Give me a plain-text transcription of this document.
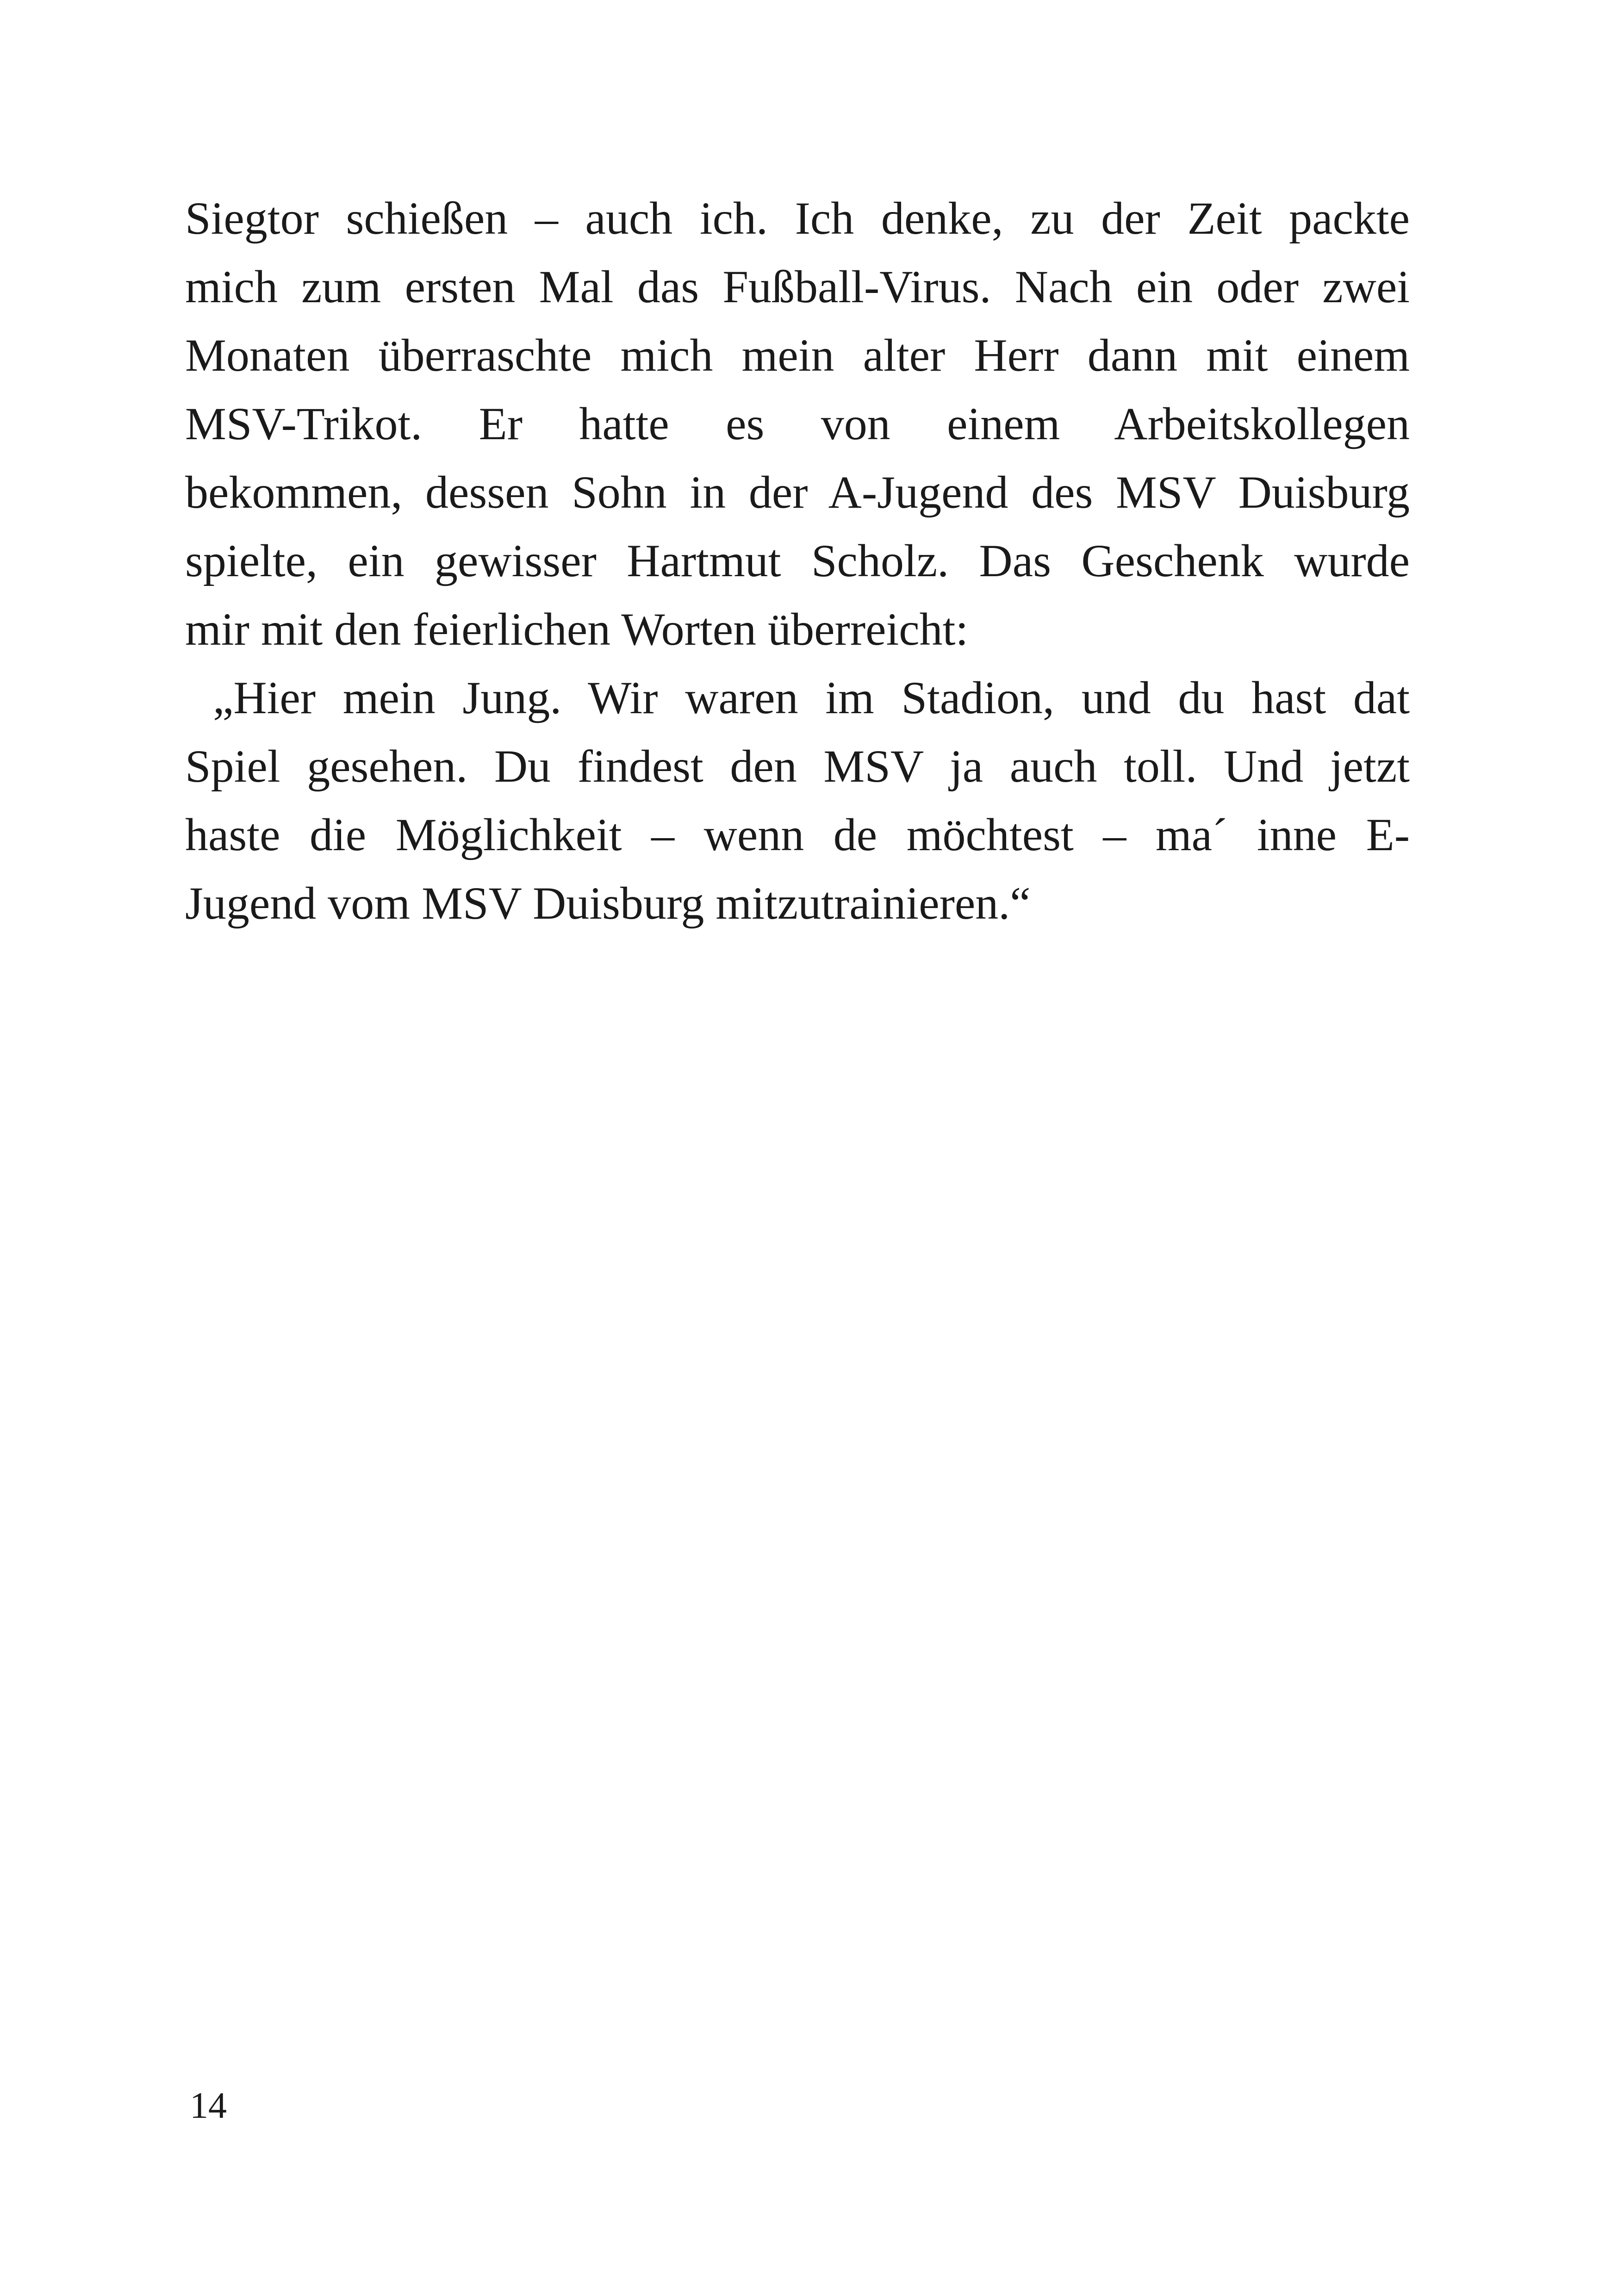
Siegtor schießen – auch ich. Ich denke, zu der Zeit packte
mich zum ersten Mal das Fußball-Virus. Nach ein oder zwei
Monaten überraschte mich mein alter Herr dann mit einem
MSV-Trikot. Er hatte es von einem Arbeitskollegen
bekommen, dessen Sohn in der A-Jugend des MSV Duisburg
spielte, ein gewisser Hartmut Scholz. Das Geschenk wurde
mir mit den feierlichen Worten überreicht:
„Hier mein Jung. Wir waren im Stadion, und du hast dat
Spiel gesehen. Du findest den MSV ja auch toll. Und jetzt
haste die Möglichkeit – wenn de möchtest – ma´ inne E-
Jugend vom MSV Duisburg mitzutrainieren.“
14
